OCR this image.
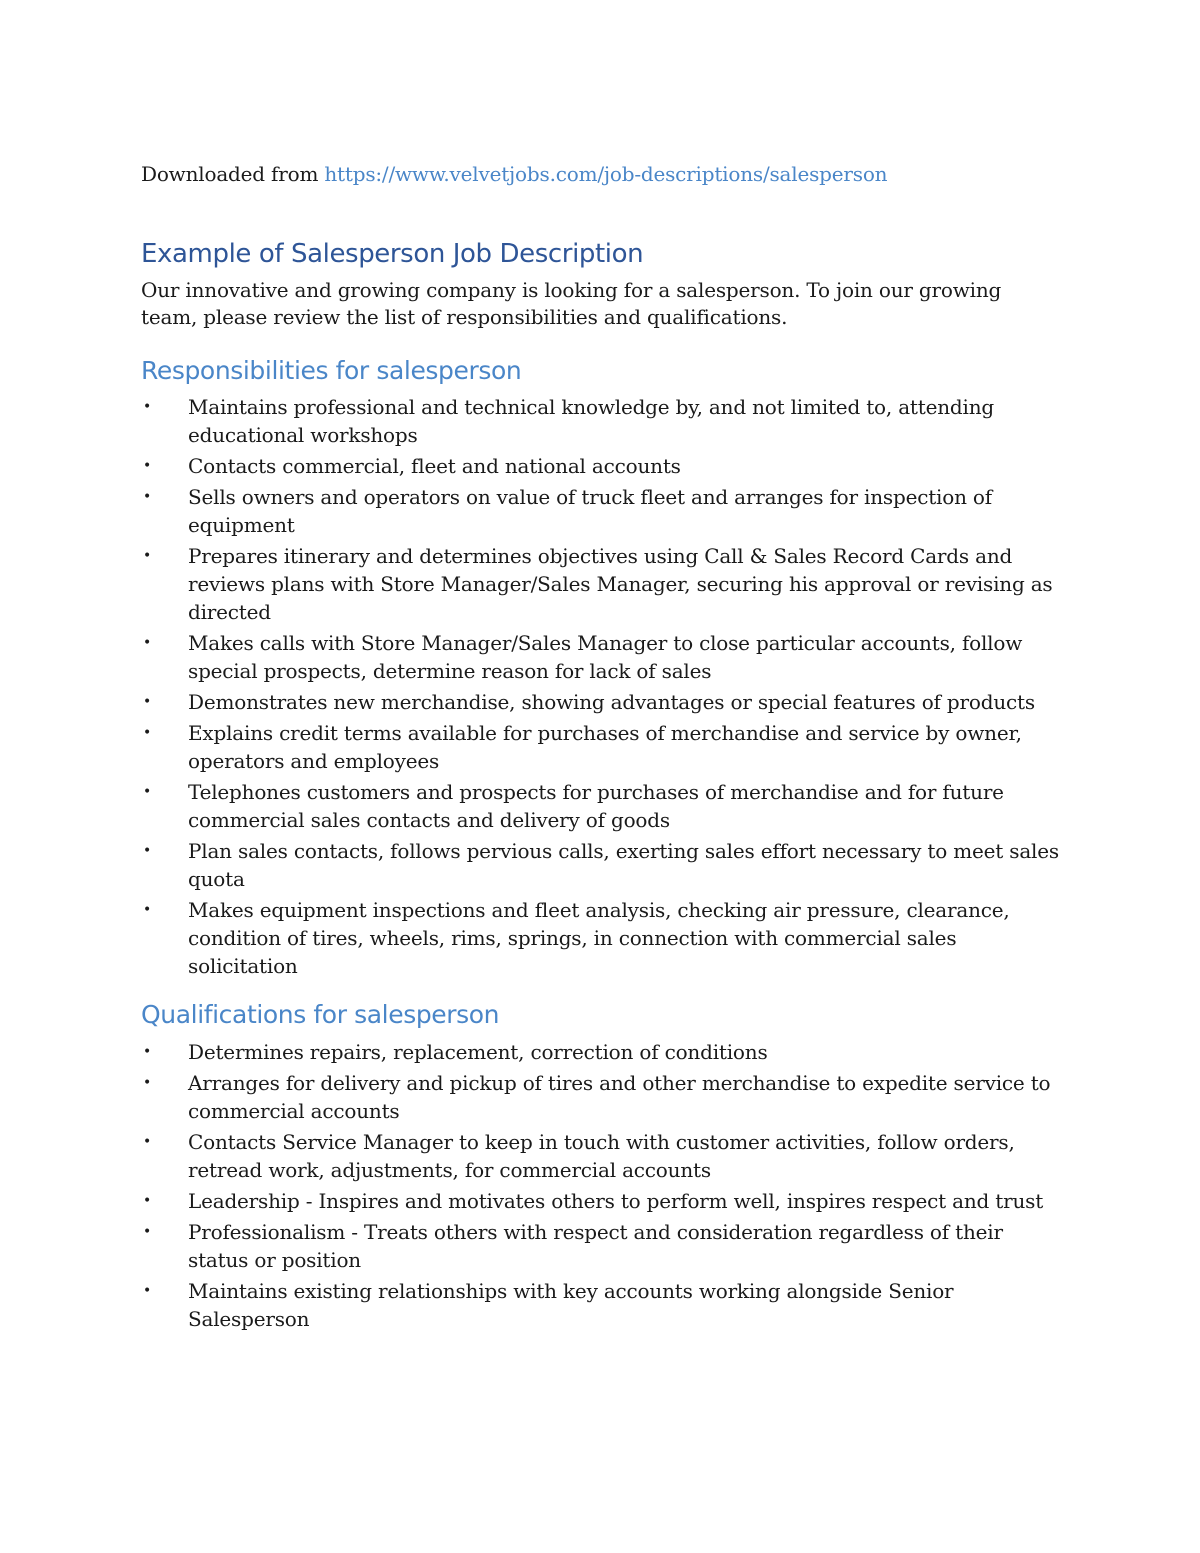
Downloaded from https://www.velvetjobs.com/job-descriptions/salesperson
Example of Salesperson Job Description

Our innovative and growing company is looking for a salesperson. To join our growing team, please review the list of responsibilities and qualifications.

Responsibilities for salesperson
• Maintains professional and technical knowledge by, and not limited to, attending educational workshops
• Contacts commercial, fleet and national accounts
• Sells owners and operators on value of truck fleet and arranges for inspection of equipment
• Prepares itinerary and determines objectives using Call & Sales Record Cards and reviews plans with Store Manager/Sales Manager, securing his approval or revising as directed
• Makes calls with Store Manager/Sales Manager to close particular accounts, follow special prospects, determine reason for lack of sales
• Demonstrates new merchandise, showing advantages or special features of products
• Explains credit terms available for purchases of merchandise and service by owner, operators and employees
• Telephones customers and prospects for purchases of merchandise and for future commercial sales contacts and delivery of goods
• Plan sales contacts, follows pervious calls, exerting sales effort necessary to meet sales quota
• Makes equipment inspections and fleet analysis, checking air pressure, clearance, condition of tires, wheels, rims, springs, in connection with commercial sales solicitation
Qualifications for salesperson
• Determines repairs, replacement, correction of conditions
• Arranges for delivery and pickup of tires and other merchandise to expedite service to commercial accounts
• Contacts Service Manager to keep in touch with customer activities, follow orders, retread work, adjustments, for commercial accounts
• Leadership - Inspires and motivates others to perform well, inspires respect and trust
• Professionalism - Treats others with respect and consideration regardless of their status or position
• Maintains existing relationships with key accounts working alongside Senior Salesperson
